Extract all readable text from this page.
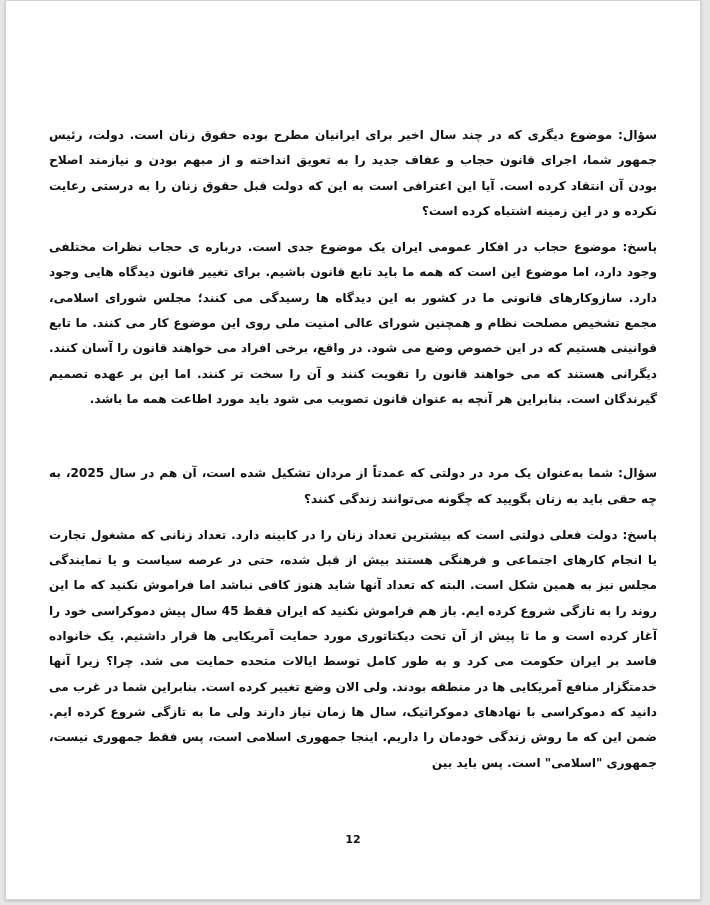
سؤال: موضوع دیگری که در چند سال اخیر برای ایرانیان مطرح بوده حقوق زنان است. دولت، رئیس جمهور شما، اجرای قانون حجاب و عفاف جدید را به تعویق انداخته و از مبهم بودن و نیازمند اصلاح بودن آن انتقاد کرده است. آیا این اعترافی است به این که دولت قبل حقوق زنان را به درستی رعایت نکرده و در این زمینه اشتباه کرده است؟

پاسخ: موضوع حجاب در افکار عمومی ایران یک موضوع جدی است. درباره ی حجاب نظرات مختلفی وجود دارد، اما موضوع این است که همه ما باید تابع قانون باشیم. برای تغییر قانون دیدگاه هایی وجود دارد. سازوکارهای قانونی ما در کشور به این دیدگاه ها رسیدگی می کنند؛ مجلس شورای اسلامی، مجمع تشخیص مصلحت نظام و همچنین شورای عالی امنیت ملی روی این موضوع کار می کنند. ما تابع قوانینی هستیم که در این خصوص وضع می شود. در واقع، برخی افراد می خواهند قانون را آسان کنند. دیگرانی هستند که می خواهند قانون را تقویت کنند و آن را سخت تر کنند. اما این بر عهده تصمیم گیرندگان است. بنابراین هر آنچه به عنوان قانون تصویب می شود باید مورد اطاعت همه ما باشد.

سؤال: شما به‌عنوان یک مرد در دولتی که عمدتاً از مردان تشکیل شده است، آن هم در سال 2025، به چه حقی باید به زنان بگویید که چگونه می‌توانند زندگی کنند؟

پاسخ: دولت فعلی دولتی است که بیشترین تعداد زنان را در کابینه دارد. تعداد زنانی که مشغول تجارت یا انجام کارهای اجتماعی و فرهنگی هستند بیش از قبل شده، حتی در عرصه سیاست و یا نمایندگی مجلس نیز به همین شکل است. البته که تعداد آنها شاید هنوز کافی نباشد اما فراموش نکنید که ما این روند را به تازگی شروع کرده ایم. باز هم فراموش نکنید که ایران فقط 45 سال پیش دموکراسی خود را آغاز کرده است و ما تا پیش از آن تحت دیکتاتوری مورد حمایت آمریکایی ها قرار داشتیم. یک خانواده فاسد بر ایران حکومت می کرد و به طور کامل توسط ایالات متحده حمایت می شد. چرا؟ زیرا آنها خدمتگزار منافع آمریکایی ها در منطقه بودند. ولی الان وضع تغییر کرده است. بنابراین شما در غرب می دانید که دموکراسی با نهادهای دموکراتیک، سال ها زمان نیاز دارند ولی ما به تازگی شروع کرده ایم. ضمن این که ما روش زندگی خودمان را داریم. اینجا جمهوری اسلامی است، پس فقط جمهوری نیست، جمهوری "اسلامی" است. پس باید بین

12
